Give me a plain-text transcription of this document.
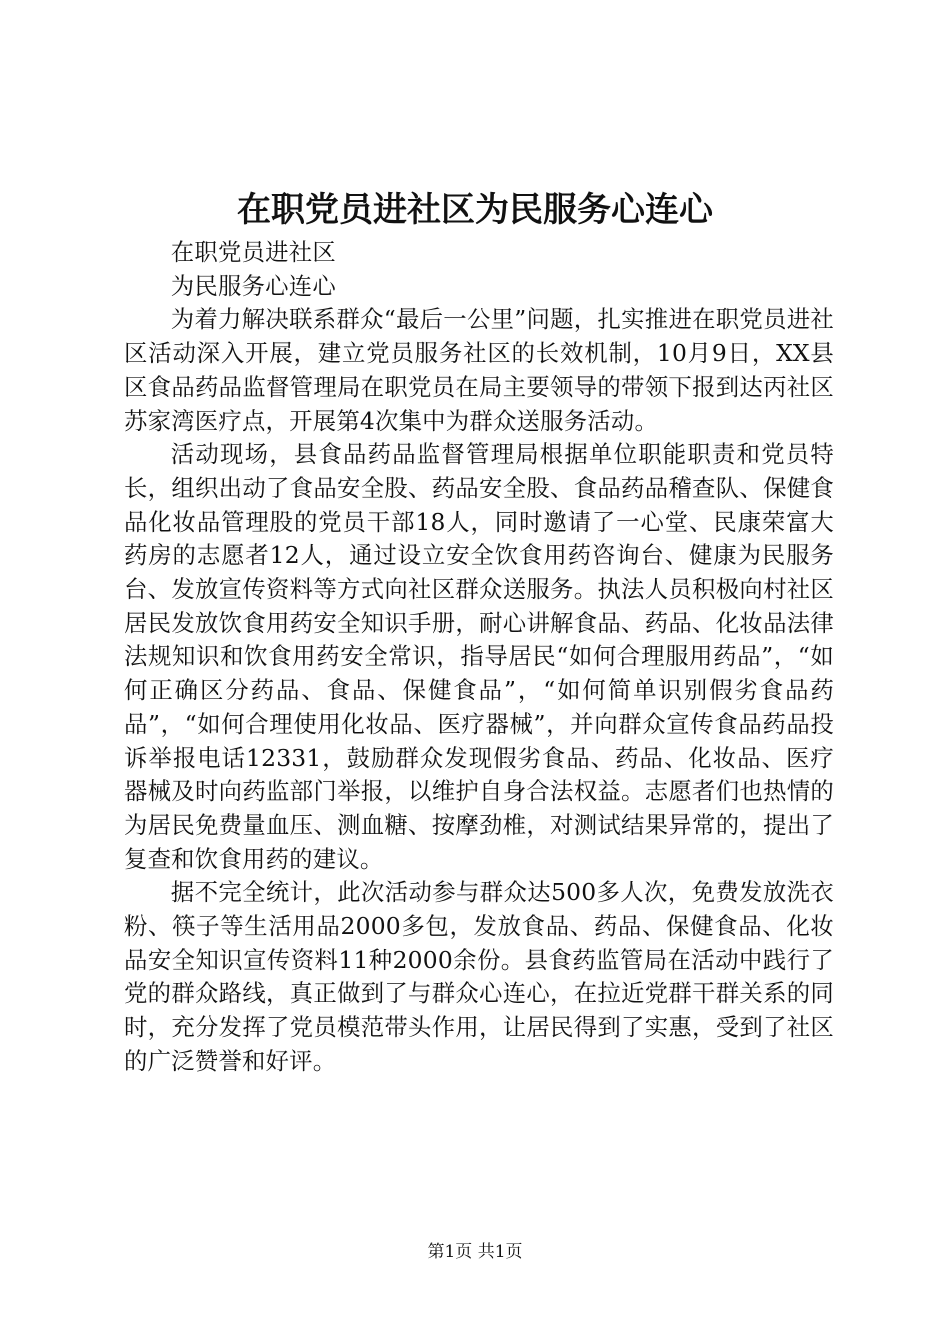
在职党员进社区为民服务心连心

在职党员进社区

为民服务心连心

为着力解决联系群众“最后一公里”问题，扎实推进在职党员进社区活动深入开展，建立党员服务社区的长效机制，10月9日，XX县区食品药品监督管理局在职党员在局主要领导的带领下报到达丙社区苏家湾医疗点，开展第4次集中为群众送服务活动。

活动现场，县食品药品监督管理局根据单位职能职责和党员特长，组织出动了食品安全股、药品安全股、食品药品稽查队、保健食品化妆品管理股的党员干部18人，同时邀请了一心堂、民康荣富大药房的志愿者12人，通过设立安全饮食用药咨询台、健康为民服务台、发放宣传资料等方式向社区群众送服务。执法人员积极向村社区居民发放饮食用药安全知识手册，耐心讲解食品、药品、化妆品法律法规知识和饮食用药安全常识，指导居民“如何合理服用药品”，“如何正确区分药品、食品、保健食品”，“如何简单识别假劣食品药品”，“如何合理使用化妆品、医疗器械”，并向群众宣传食品药品投诉举报电话12331，鼓励群众发现假劣食品、药品、化妆品、医疗器械及时向药监部门举报，以维护自身合法权益。志愿者们也热情的为居民免费量血压、测血糖、按摩劲椎，对测试结果异常的，提出了复查和饮食用药的建议。

据不完全统计，此次活动参与群众达500多人次，免费发放洗衣粉、筷子等生活用品2000多包，发放食品、药品、保健食品、化妆品安全知识宣传资料11种2000余份。县食药监管局在活动中践行了党的群众路线，真正做到了与群众心连心，在拉近党群干群关系的同时，充分发挥了党员模范带头作用，让居民得到了实惠，受到了社区的广泛赞誉和好评。

第1页 共1页
